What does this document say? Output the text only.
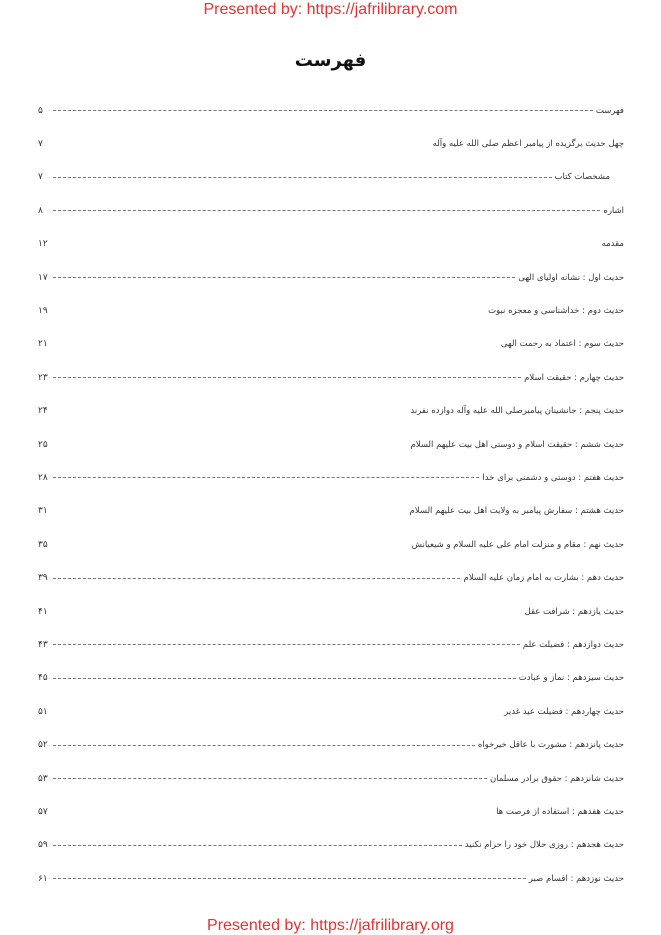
Presented by: https://jafrilibrary.com
فهرست
۵	فهرست
۷	چهل حدیث برگزیده از پیامبر اعظم صلی الله علیه وآله
۷	مشخصات کتاب
۸	اشاره
۱۲	مقدمه
۱۷	حدیث اول : نشانه اولیای الهی
۱۹	حدیث دوم : خداشناسی و معجزه نبوت
۲۱	حدیث سوم : اعتماد به رحمت الهی
۲۳	حدیث چهارم : حقیقت اسلام
۲۴	حدیث پنجم : جانشینان پیامبرصلی الله علیه وآله دوازده نفرند
۲۵	حدیث ششم : حقیقت اسلام و دوستی اهل بیت علیهم السلام
۲۸	حدیث هفتم : دوستی و دشمنی برای خدا
۳۱	حدیث هشتم : سفارش پیامبر به ولایت اهل بیت علیهم السلام
۳۵	حدیث نهم : مقام و منزلت امام علی علیه السلام و شیعیانش
۳۹	حدیث دهم : بشارت به امام زمان علیه السلام
۴۱	حدیث یازدهم : شرافت عقل
۴۳	حدیث دوازدهم : فضیلت علم
۴۵	حدیث سیزدهم : نماز و عبادت
۵۱	حدیث چهاردهم : فضیلت عید غدیر
۵۲	حدیث پانزدهم : مشورت با عاقل خیرخواه
۵۳	حدیث شانزدهم : حقوق برادر مسلمان
۵۷	حدیث هفدهم : استفاده از فرصت ها
۵۹	حدیث هجدهم : روزی حلال خود را حرام نکنید
۶۱	حدیث نوزدهم : اقسام صبر
Presented by: https://jafrilibrary.org
